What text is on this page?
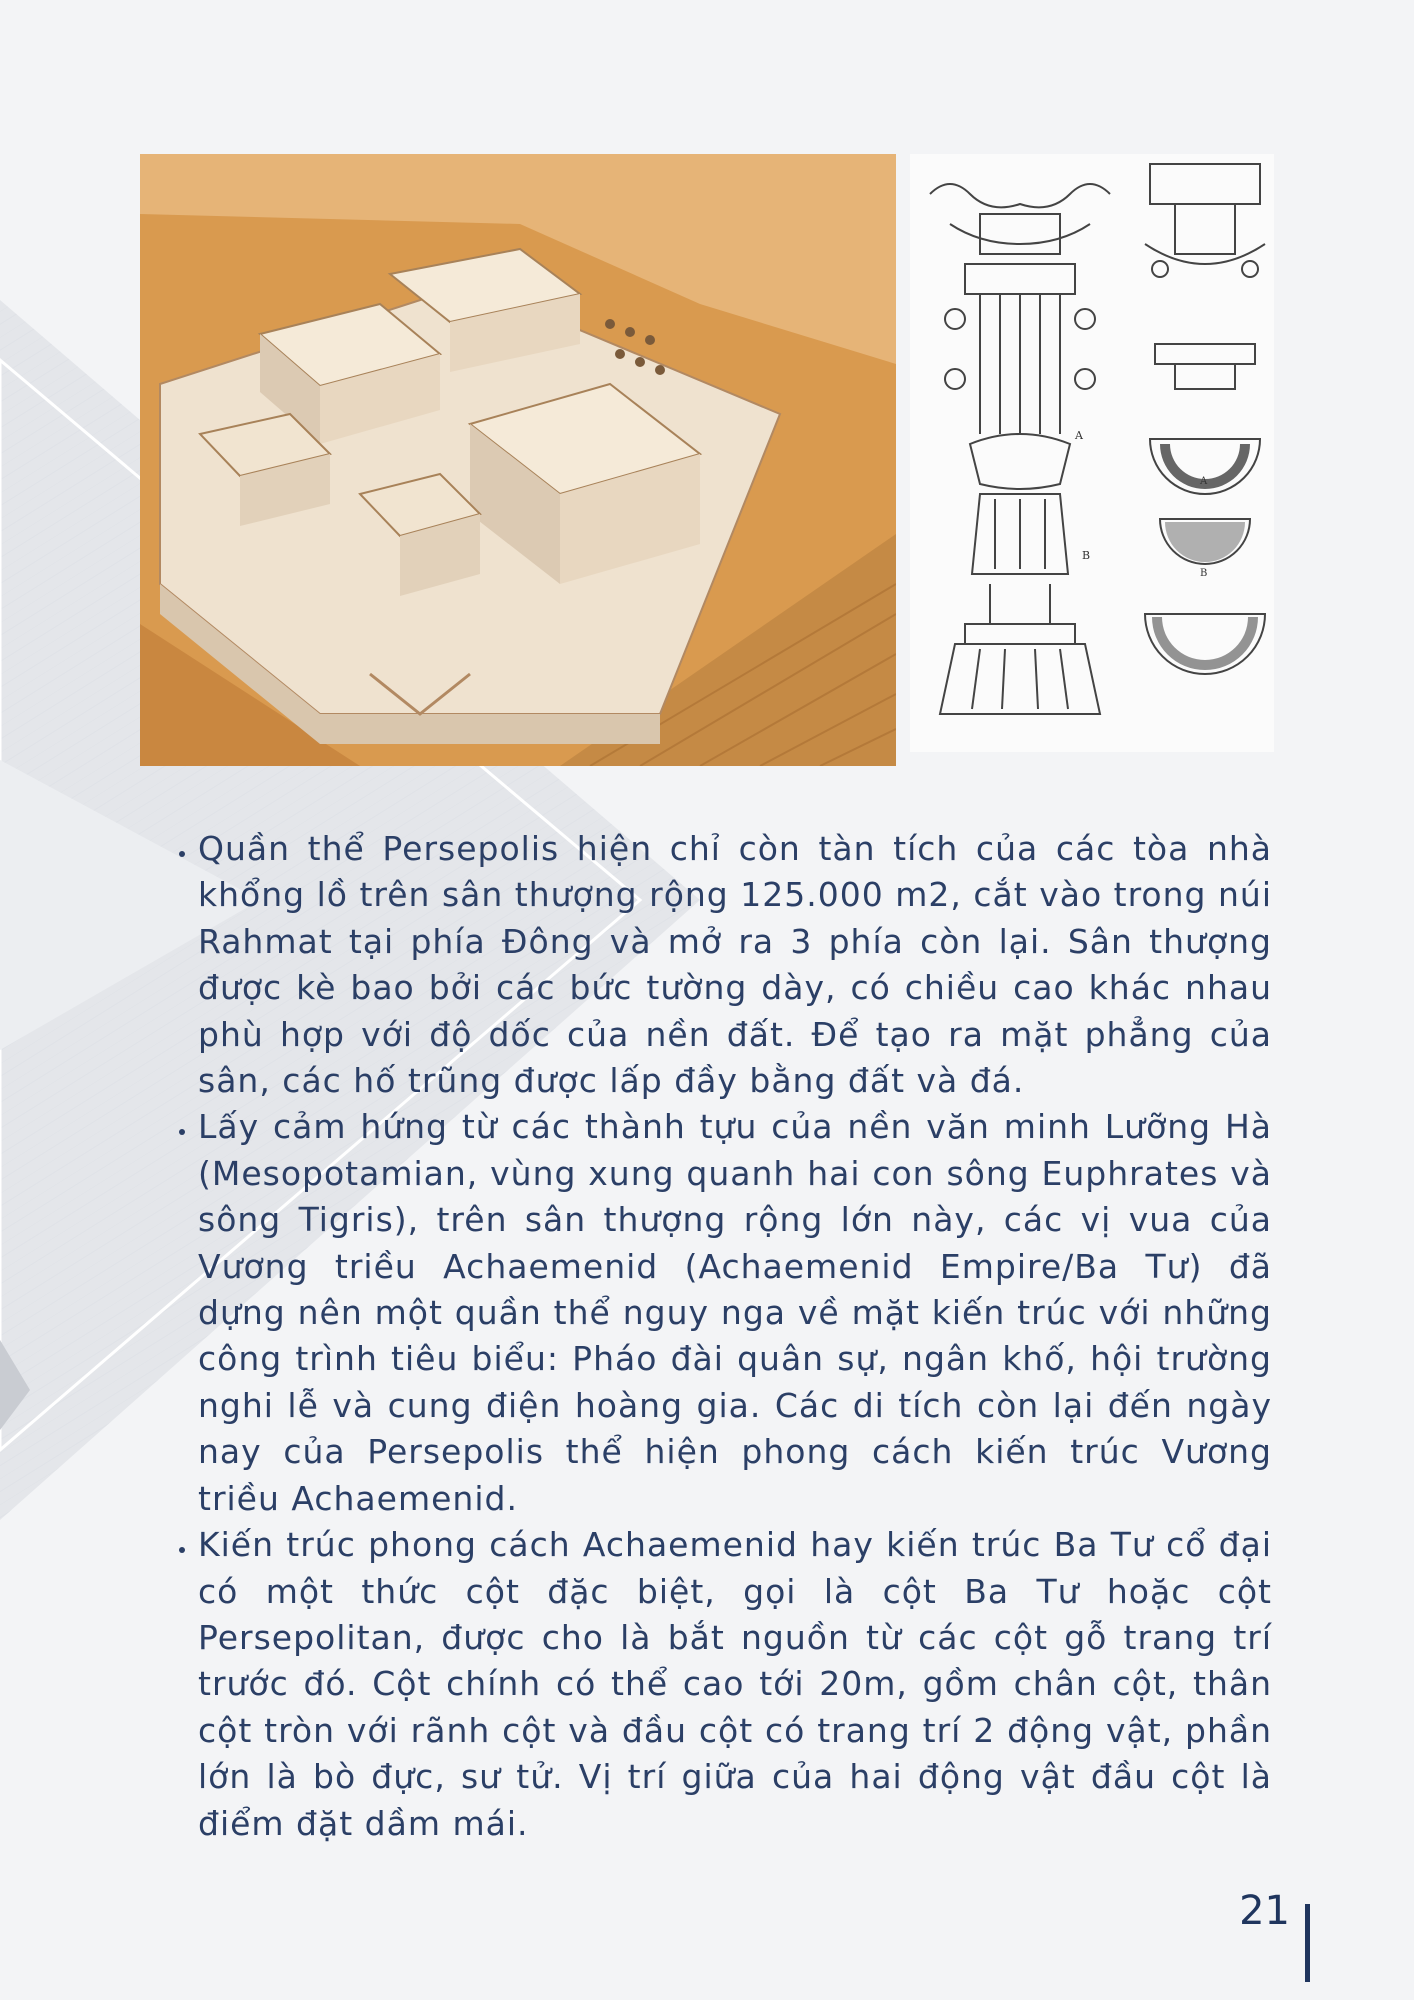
A
B
A
B
• Quần thể Persepolis hiện chỉ còn tàn tích của các tòa nhà khổng lồ trên sân thượng rộng 125.000 m2, cắt vào trong núi Rahmat tại phía Đông và mở ra 3 phía còn lại. Sân thượng được kè bao bởi các bức tường dày, có chiều cao khác nhau phù hợp với độ dốc của nền đất. Để tạo ra mặt phẳng của sân, các hố trũng được lấp đầy bằng đất và đá.
• Lấy cảm hứng từ các thành tựu của nền văn minh Lưỡng Hà (Mesopotamian, vùng xung quanh hai con sông Euphrates và sông Tigris), trên sân thượng rộng lớn này, các vị vua của Vương triều Achaemenid (Achaemenid Empire/Ba Tư) đã dựng nên một quần thể nguy nga về mặt kiến trúc với những công trình tiêu biểu: Pháo đài quân sự, ngân khố, hội trường nghi lễ và cung điện hoàng gia. Các di tích còn lại đến ngày nay của Persepolis thể hiện phong cách kiến trúc Vương triều Achaemenid.
• Kiến trúc phong cách Achaemenid hay kiến trúc Ba Tư cổ đại có một thức cột đặc biệt, gọi là cột Ba Tư hoặc cột Persepolitan, được cho là bắt nguồn từ các cột gỗ trang trí trước đó. Cột chính có thể cao tới 20m, gồm chân cột, thân cột tròn với rãnh cột và đầu cột có trang trí 2 động vật, phần lớn là bò đực, sư tử. Vị trí giữa của hai động vật đầu cột là điểm đặt dầm mái.
21
